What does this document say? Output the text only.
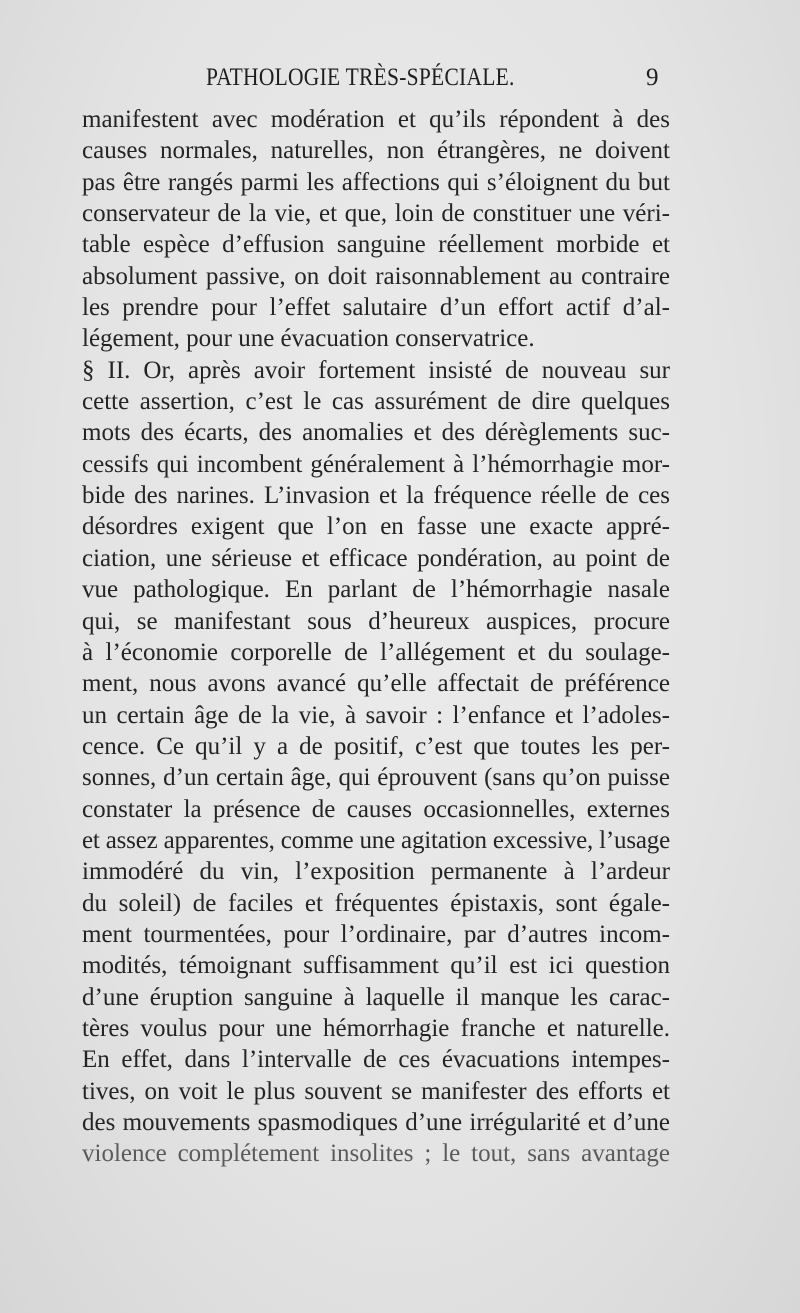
PATHOLOGIE TRÈS-SPÉCIALE.	9
manifestent avec modération et qu’ils répondent à des
causes normales, naturelles, non étrangères, ne doivent
pas être rangés parmi les affections qui s’éloignent du but
conservateur de la vie, et que, loin de constituer une véri-
table espèce d’effusion sanguine réellement morbide et
absolument passive, on doit raisonnablement au contraire
les prendre pour l’effet salutaire d’un effort actif d’al-
légement, pour une évacuation conservatrice.
§ II. Or, après avoir fortement insisté de nouveau sur
cette assertion, c’est le cas assurément de dire quelques
mots des écarts, des anomalies et des dérèglements suc-
cessifs qui incombent généralement à l’hémorrhagie mor-
bide des narines. L’invasion et la fréquence réelle de ces
désordres exigent que l’on en fasse une exacte appré-
ciation, une sérieuse et efficace pondération, au point de
vue pathologique. En parlant de l’hémorrhagie nasale
qui, se manifestant sous d’heureux auspices, procure
à l’économie corporelle de l’allégement et du soulage-
ment, nous avons avancé qu’elle affectait de préférence
un certain âge de la vie, à savoir : l’enfance et l’adoles-
cence. Ce qu’il y a de positif, c’est que toutes les per-
sonnes, d’un certain âge, qui éprouvent (sans qu’on puisse
constater la présence de causes occasionnelles, externes
et assez apparentes, comme une agitation excessive, l’usage
immodéré du vin, l’exposition permanente à l’ardeur
du soleil) de faciles et fréquentes épistaxis, sont égale-
ment tourmentées, pour l’ordinaire, par d’autres incom-
modités, témoignant suffisamment qu’il est ici question
d’une éruption sanguine à laquelle il manque les carac-
tères voulus pour une hémorrhagie franche et naturelle.
En effet, dans l’intervalle de ces évacuations intempes-
tives, on voit le plus souvent se manifester des efforts et
des mouvements spasmodiques d’une irrégularité et d’une
violence complétement insolites ; le tout, sans avantage
